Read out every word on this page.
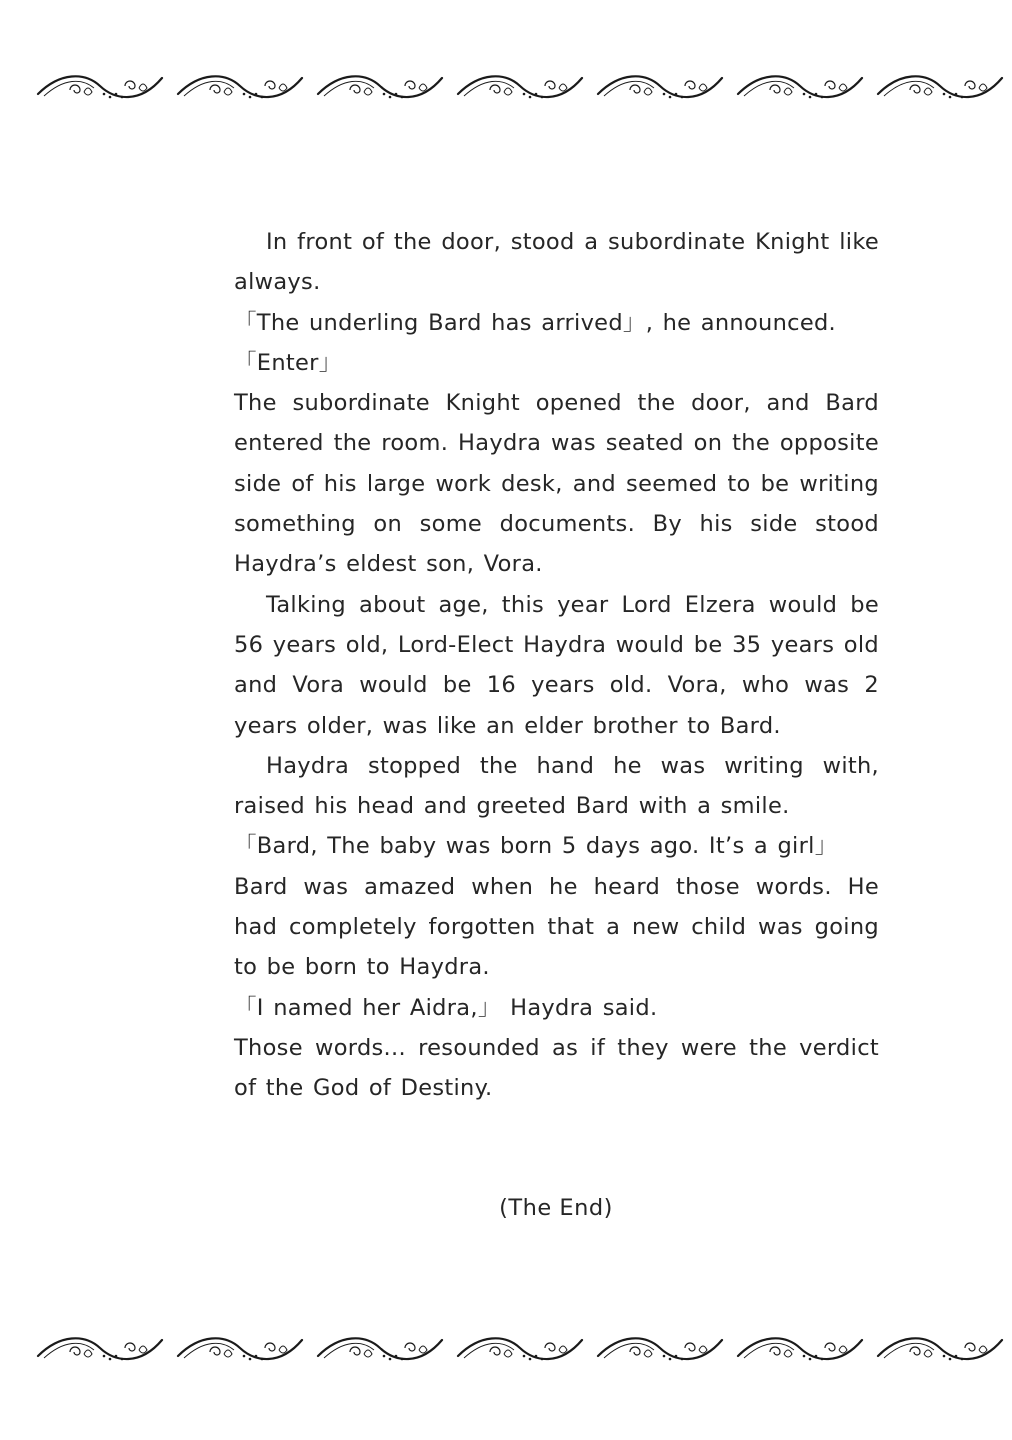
In front of the door, stood a subordinate Knight like always.

「The underling Bard has arrived」, he announced.

「Enter」

The subordinate Knight opened the door, and Bard entered the room. Haydra was seated on the opposite side of his large work desk, and seemed to be writing something on some documents. By his side stood Haydra’s eldest son, Vora.

Talking about age, this year Lord Elzera would be 56 years old, Lord-Elect Haydra would be 35 years old and Vora would be 16 years old. Vora, who was 2 years older, was like an elder brother to Bard.

Haydra stopped the hand he was writing with, raised his head and greeted Bard with a smile.

「Bard, The baby was born 5 days ago. It’s a girl」

Bard was amazed when he heard those words. He had completely forgotten that a new child was going to be born to Haydra.

「I named her Aidra,」 Haydra said.

Those words... resounded as if they were the verdict of the God of Destiny.

(The End)
